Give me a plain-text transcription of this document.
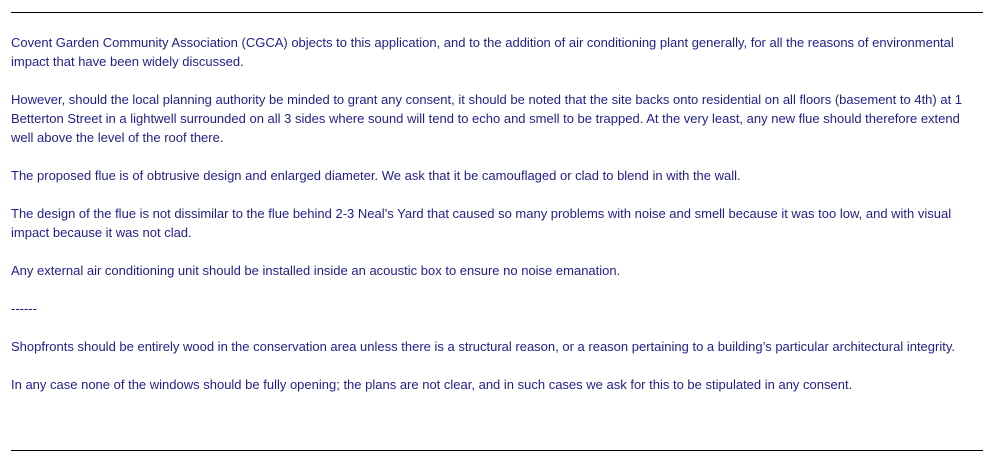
Covent Garden Community Association (CGCA) objects to this application, and to the addition of air conditioning plant generally, for all the reasons of environmental impact that have been widely discussed.

However, should the local planning authority be minded to grant any consent, it should be noted that the site backs onto residential on all floors (basement to 4th) at 1 Betterton Street in a lightwell surrounded on all 3 sides where sound will tend to echo and smell to be trapped. At the very least, any new flue should therefore extend well above the level of the roof there.

The proposed flue is of obtrusive design and enlarged diameter. We ask that it be camouflaged or clad to blend in with the wall.

The design of the flue is not dissimilar to the flue behind 2-3 Neal’s Yard that caused so many problems with noise and smell because it was too low, and with visual impact because it was not clad.

Any external air conditioning unit should be installed inside an acoustic box to ensure no noise emanation.

------

Shopfronts should be entirely wood in the conservation area unless there is a structural reason, or a reason pertaining to a building’s particular architectural integrity.

In any case none of the windows should be fully opening; the plans are not clear, and in such cases we ask for this to be stipulated in any consent.
